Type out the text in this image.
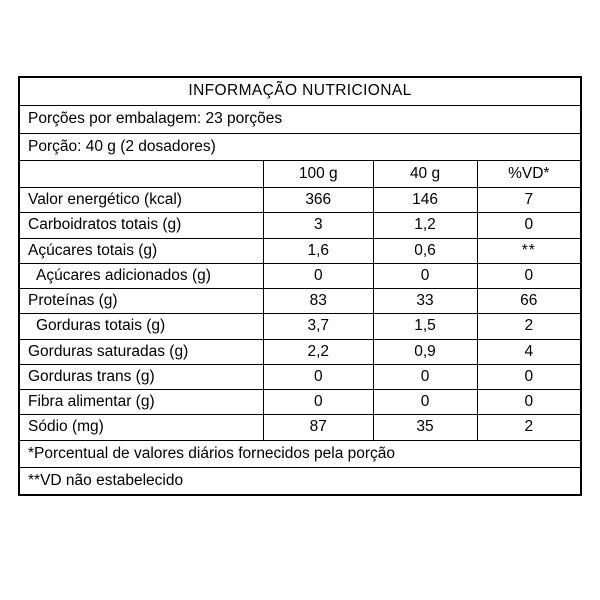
INFORMAÇÃO NUTRICIONAL			
Porções por embalagem: 23 porções			
Porção: 40 g (2 dosadores)			
	100 g	40 g	%VD*
Valor energético (kcal)	366	146	7
Carboidratos totais (g)	3	1,2	0
Açúcares totais (g)	1,6	0,6	**
Açúcares adicionados (g)	0	0	0
Proteínas (g)	83	33	66
Gorduras totais (g)	3,7	1,5	2
Gorduras saturadas (g)	2,2	0,9	4
Gorduras trans (g)	0	0	0
Fibra alimentar (g)	0	0	0
Sódio (mg)	87	35	2
*Porcentual de valores diários fornecidos pela porção			
**VD não estabelecido			
